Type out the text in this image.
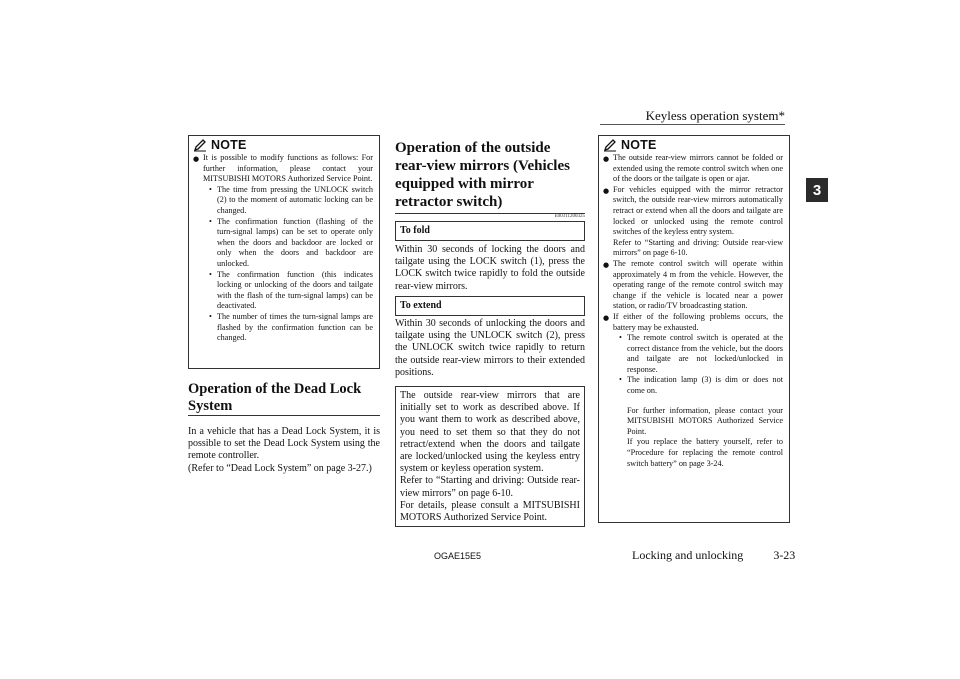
Keyless operation system*
3
NOTE
● It is possible to modify functions as follows: For further information, please contact your MITSUBISHI MOTORS Authorized Service Point.
• The time from pressing the UNLOCK switch (2) to the moment of automatic locking can be changed.
• The confirmation function (flashing of the turn-signal lamps) can be set to operate only when the doors and backdoor are locked or only when the doors and backdoor are unlocked.
• The confirmation function (this indicates locking or unlocking of the doors and tailgate with the flash of the turn-signal lamps) can be deactivated.
• The number of times the turn-signal lamps are flashed by the confirmation function can be changed.
Operation of the Dead Lock System
In a vehicle that has a Dead Lock System, it is possible to set the Dead Lock System using the remote controller.
(Refer to “Dead Lock System” on page 3-27.)
Operation of the outside rear-view mirrors (Vehicles equipped with mirror retractor switch)
E00311200325
To fold
Within 30 seconds of locking the doors and tailgate using the LOCK switch (1), press the LOCK switch twice rapidly to fold the outside rear-view mirrors.
To extend
Within 30 seconds of unlocking the doors and tailgate using the UNLOCK switch (2), press the UNLOCK switch twice rapidly to return the outside rear-view mirrors to their extended positions.
The outside rear-view mirrors that are initially set to work as described above. If you want them to work as described above, you need to set them so that they do not retract/extend when the doors and tailgate are locked/unlocked using the keyless entry system or keyless operation system.
Refer to “Starting and driving: Outside rear-view mirrors” on page 6-10.
For details, please consult a MITSUBISHI MOTORS Authorized Service Point.
NOTE
● The outside rear-view mirrors cannot be folded or extended using the remote control switch when one of the doors or the tailgate is open or ajar.
● For vehicles equipped with the mirror retractor switch, the outside rear-view mirrors automatically retract or extend when all the doors and tailgate are locked or unlocked using the remote control switches of the keyless entry system.
Refer to “Starting and driving: Outside rear-view mirrors” on page 6-10.
● The remote control switch will operate within approximately 4 m from the vehicle. However, the operating range of the remote control switch may change if the vehicle is located near a power station, or radio/TV broadcasting station.
● If either of the following problems occurs, the battery may be exhausted.
• The remote control switch is operated at the correct distance from the vehicle, but the doors and tailgate are not locked/unlocked in response.
• The indication lamp (3) is dim or does not come on.
For further information, please contact your MITSUBISHI MOTORS Authorized Service Point.
If you replace the battery yourself, refer to “Procedure for replacing the remote control switch battery” on page 3-24.
OGAE15E5	Locking and unlocking	3-23
